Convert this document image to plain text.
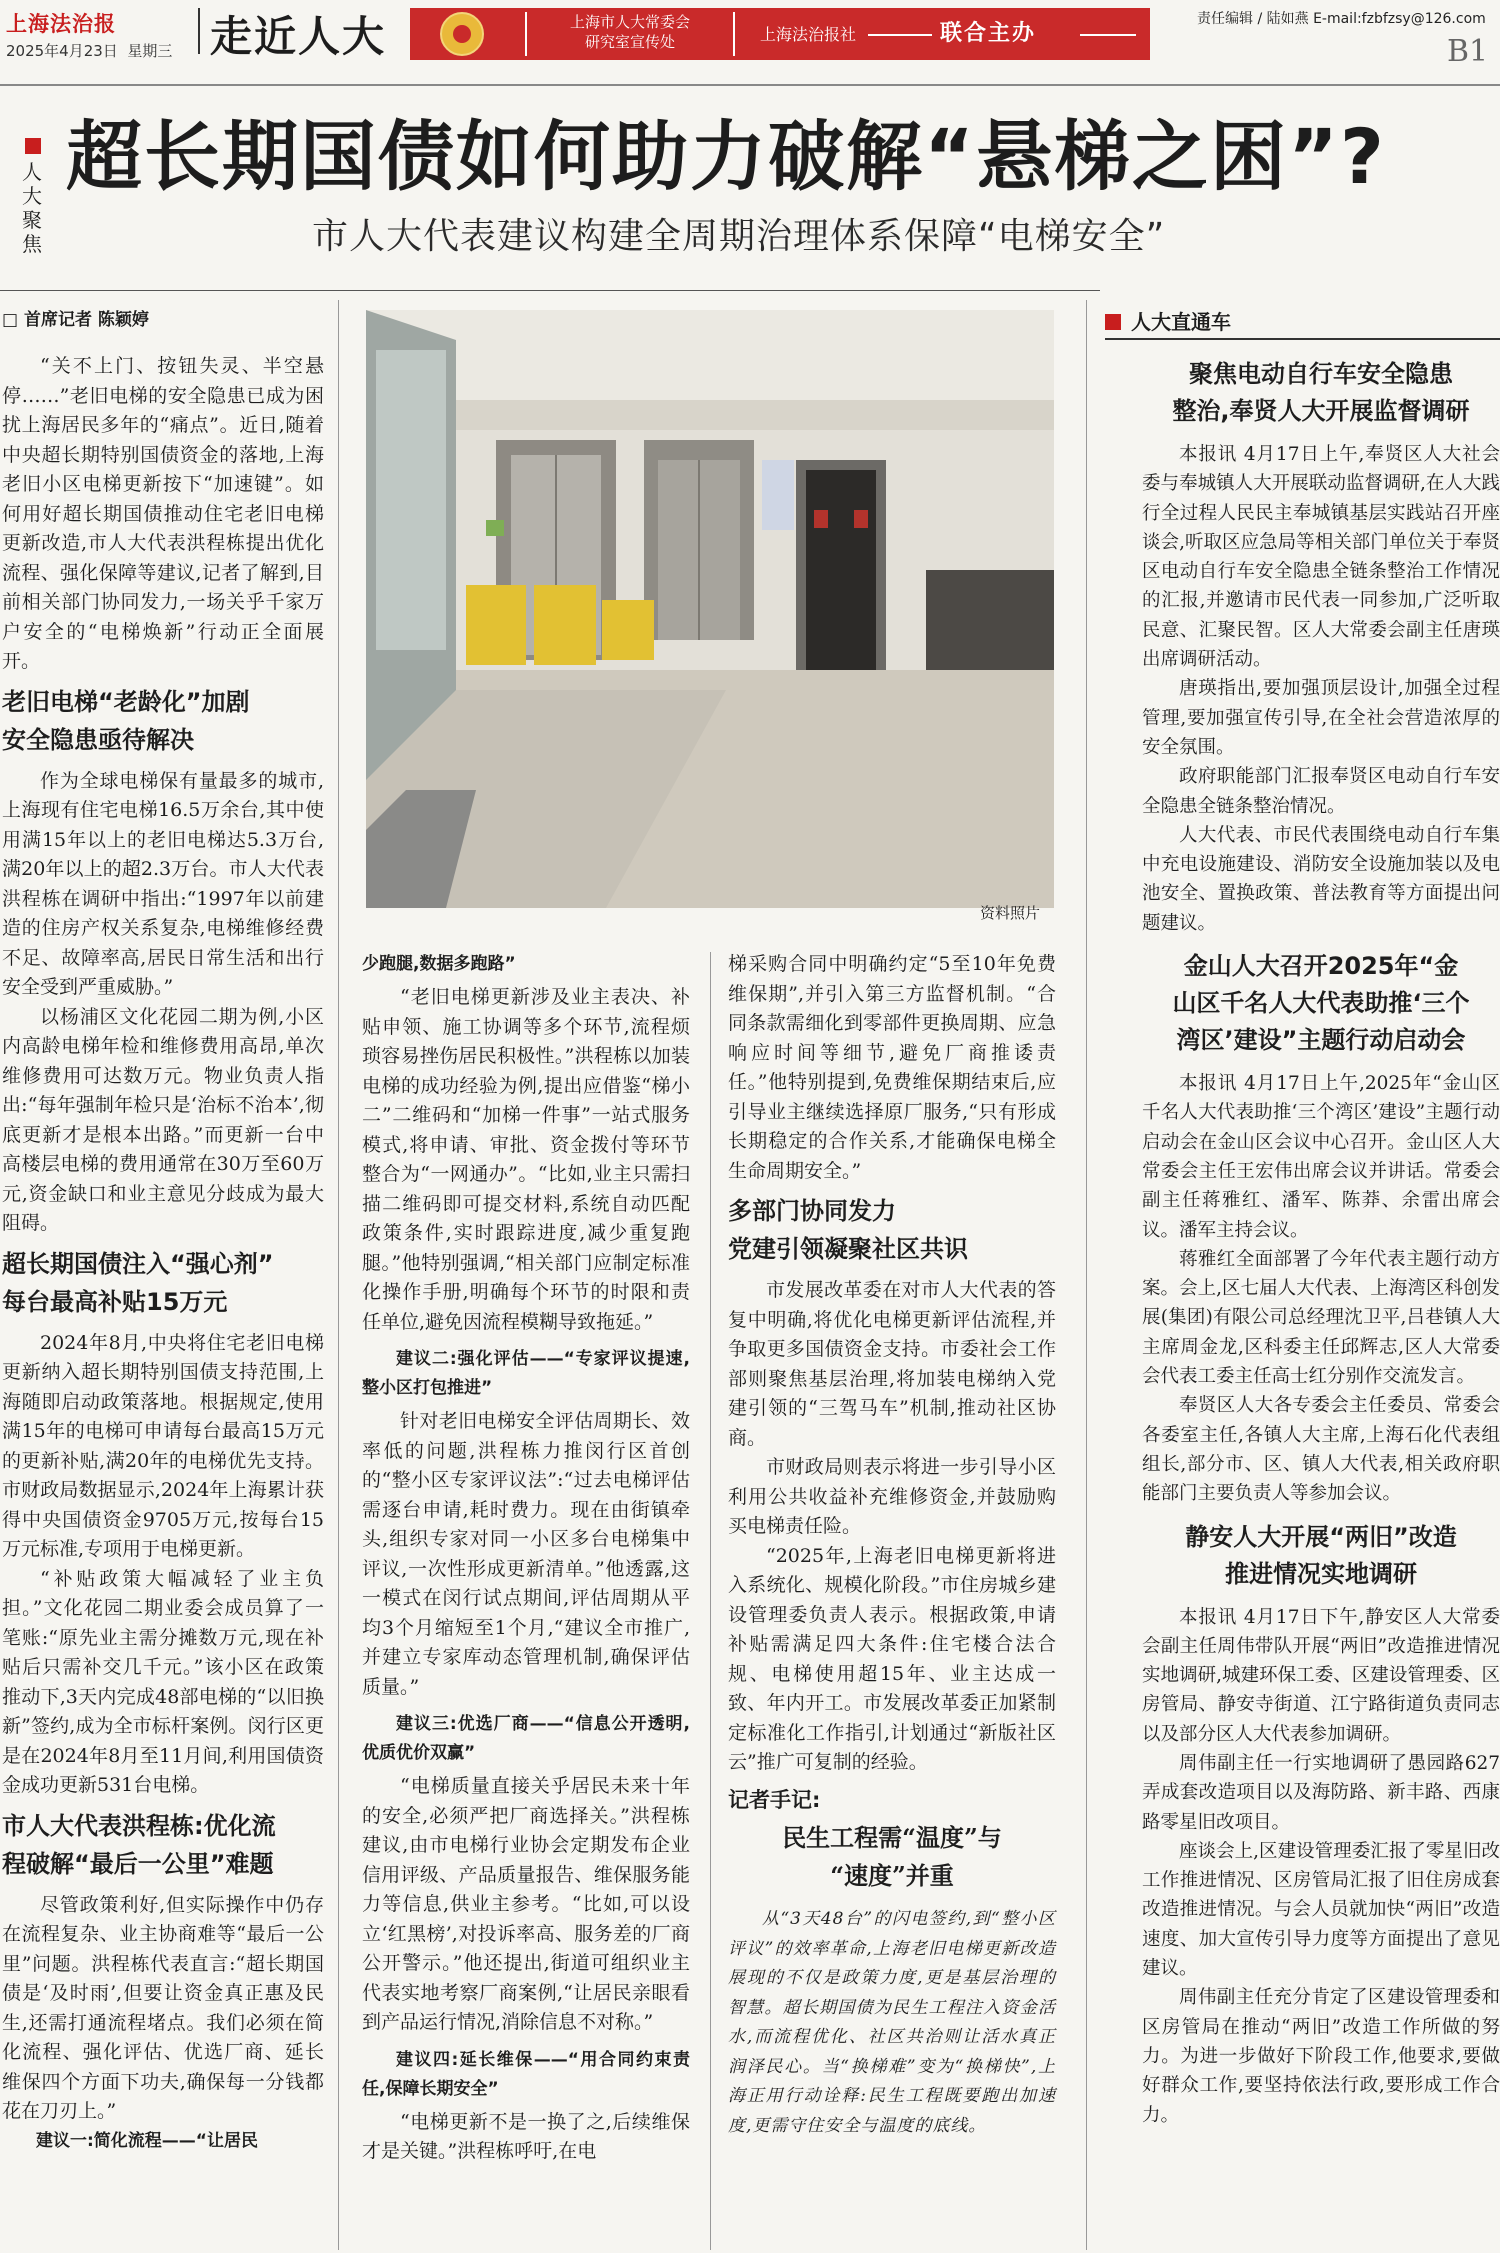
上海法治报
2025年4月23日 星期三 走近人大	上海市人大常委会
研究室宣传处	上海法治报社	联合主办
责任编辑 / 陆如燕 E-mail:fzbfzsy@126.com
B1
人大聚焦
超长期国债如何助力破解“悬梯之困”?
市人大代表建议构建全周期治理体系保障“电梯安全”
□ 首席记者 陈颖婷

“关不上门、按钮失灵、半空悬停……”老旧电梯的安全隐患已成为困扰上海居民多年的“痛点”。近日,随着中央超长期特别国债资金的落地,上海老旧小区电梯更新按下“加速键”。如何用好超长期国债推动住宅老旧电梯更新改造,市人大代表洪程栋提出优化流程、强化保障等建议,记者了解到,目前相关部门协同发力,一场关乎千家万户安全的“电梯焕新”行动正全面展开。

老旧电梯“老龄化”加剧
安全隐患亟待解决

作为全球电梯保有量最多的城市,上海现有住宅电梯16.5万余台,其中使用满15年以上的老旧电梯达5.3万台,满20年以上的超2.3万台。市人大代表洪程栋在调研中指出:“1997年以前建造的住房产权关系复杂,电梯维修经费不足、故障率高,居民日常生活和出行安全受到严重威胁。”

以杨浦区文化花园二期为例,小区内高龄电梯年检和维修费用高昂,单次维修费用可达数万元。物业负责人指出:“每年强制年检只是‘治标不治本’,彻底更新才是根本出路。”而更新一台中高楼层电梯的费用通常在30万至60万元,资金缺口和业主意见分歧成为最大阻碍。

超长期国债注入“强心剂”
每台最高补贴15万元

2024年8月,中央将住宅老旧电梯更新纳入超长期特别国债支持范围,上海随即启动政策落地。根据规定,使用满15年的电梯可申请每台最高15万元的更新补贴,满20年的电梯优先支持。市财政局数据显示,2024年上海累计获得中央国债资金9705万元,按每台15万元标准,专项用于电梯更新。

“补贴政策大幅减轻了业主负担。”文化花园二期业委会成员算了一笔账:“原先业主需分摊数万元,现在补贴后只需补交几千元。”该小区在政策推动下,3天内完成48部电梯的“以旧换新”签约,成为全市标杆案例。闵行区更是在2024年8月至11月间,利用国债资金成功更新531台电梯。

市人大代表洪程栋:优化流
程破解“最后一公里”难题

尽管政策利好,但实际操作中仍存在流程复杂、业主协商难等“最后一公里”问题。洪程栋代表直言:“超长期国债是‘及时雨’,但要让资金真正惠及民生,还需打通流程堵点。我们必须在简化流程、强化评估、优选厂商、延长维保四个方面下功夫,确保每一分钱都花在刀刃上。”

建议一:简化流程——“让居民
资料照片
少跑腿,数据多跑路”

“老旧电梯更新涉及业主表决、补贴申领、施工协调等多个环节,流程烦琐容易挫伤居民积极性。”洪程栋以加装电梯的成功经验为例,提出应借鉴“梯小二”二维码和“加梯一件事”一站式服务模式,将申请、审批、资金拨付等环节整合为“一网通办”。“比如,业主只需扫描二维码即可提交材料,系统自动匹配政策条件,实时跟踪进度,减少重复跑腿。”他特别强调,“相关部门应制定标准化操作手册,明确每个环节的时限和责任单位,避免因流程模糊导致拖延。”

建议二:强化评估——“专家评议提速,整小区打包推进”

针对老旧电梯安全评估周期长、效率低的问题,洪程栋力推闵行区首创的“整小区专家评议法”:“过去电梯评估需逐台申请,耗时费力。现在由街镇牵头,组织专家对同一小区多台电梯集中评议,一次性形成更新清单。”他透露,这一模式在闵行试点期间,评估周期从平均3个月缩短至1个月,“建议全市推广,并建立专家库动态管理机制,确保评估质量。”

建议三:优选厂商——“信息公开透明,优质优价双赢”

“电梯质量直接关乎居民未来十年的安全,必须严把厂商选择关。”洪程栋建议,由市电梯行业协会定期发布企业信用评级、产品质量报告、维保服务能力等信息,供业主参考。“比如,可以设立‘红黑榜’,对投诉率高、服务差的厂商公开警示。”他还提出,街道可组织业主代表实地考察厂商案例,“让居民亲眼看到产品运行情况,消除信息不对称。”

建议四:延长维保——“用合同约束责任,保障长期安全”

“电梯更新不是一换了之,后续维保才是关键。”洪程栋呼吁,在电

梯采购合同中明确约定“5至10年免费维保期”,并引入第三方监督机制。“合同条款需细化到零部件更换周期、应急响应时间等细节,避免厂商推诿责任。”他特别提到,免费维保期结束后,应引导业主继续选择原厂服务,“只有形成长期稳定的合作关系,才能确保电梯全生命周期安全。”

多部门协同发力
党建引领凝聚社区共识

市发展改革委在对市人大代表的答复中明确,将优化电梯更新评估流程,并争取更多国债资金支持。市委社会工作部则聚焦基层治理,将加装电梯纳入党建引领的“三驾马车”机制,推动社区协商。

市财政局则表示将进一步引导小区利用公共收益补充维修资金,并鼓励购买电梯责任险。

“2025年,上海老旧电梯更新将进入系统化、规模化阶段。”市住房城乡建设管理委负责人表示。根据政策,申请补贴需满足四大条件:住宅楼合法合规、电梯使用超15年、业主达成一致、年内开工。市发展改革委正加紧制定标准化工作指引,计划通过“新版社区云”推广可复制的经验。

记者手记:
民生工程需“温度”与
“速度”并重

从“3天48台”的闪电签约,到“整小区评议”的效率革命,上海老旧电梯更新改造展现的不仅是政策力度,更是基层治理的智慧。超长期国债为民生工程注入资金活水,而流程优化、社区共治则让活水真正润泽民心。当“换梯难”变为“换梯快”,上海正用行动诠释:民生工程既要跑出加速度,更需守住安全与温度的底线。

人大直通车
聚焦电动自行车安全隐患
整治,奉贤人大开展监督调研

本报讯 4月17日上午,奉贤区人大社会委与奉城镇人大开展联动监督调研,在人大践行全过程人民民主奉城镇基层实践站召开座谈会,听取区应急局等相关部门单位关于奉贤区电动自行车安全隐患全链条整治工作情况的汇报,并邀请市民代表一同参加,广泛听取民意、汇聚民智。区人大常委会副主任唐瑛出席调研活动。

唐瑛指出,要加强顶层设计,加强全过程管理,要加强宣传引导,在全社会营造浓厚的安全氛围。

政府职能部门汇报奉贤区电动自行车安全隐患全链条整治情况。

人大代表、市民代表围绕电动自行车集中充电设施建设、消防安全设施加装以及电池安全、置换政策、普法教育等方面提出问题建议。

金山人大召开2025年“金
山区千名人大代表助推‘三个
湾区’建设”主题行动启动会

本报讯 4月17日上午,2025年“金山区千名人大代表助推‘三个湾区’建设”主题行动启动会在金山区会议中心召开。金山区人大常委会主任王宏伟出席会议并讲话。常委会副主任蒋雅红、潘军、陈莽、余雷出席会议。潘军主持会议。

蒋雅红全面部署了今年代表主题行动方案。会上,区七届人大代表、上海湾区科创发展(集团)有限公司总经理沈卫平,吕巷镇人大主席周金龙,区科委主任邱辉志,区人大常委会代表工委主任高士红分别作交流发言。

奉贤区人大各专委会主任委员、常委会各委室主任,各镇人大主席,上海石化代表组组长,部分市、区、镇人大代表,相关政府职能部门主要负责人等参加会议。

静安人大开展“两旧”改造
推进情况实地调研

本报讯 4月17日下午,静安区人大常委会副主任周伟带队开展“两旧”改造推进情况实地调研,城建环保工委、区建设管理委、区房管局、静安寺街道、江宁路街道负责同志以及部分区人大代表参加调研。

周伟副主任一行实地调研了愚园路627弄成套改造项目以及海防路、新丰路、西康路零星旧改项目。

座谈会上,区建设管理委汇报了零星旧改工作推进情况、区房管局汇报了旧住房成套改造推进情况。与会人员就加快“两旧”改造速度、加大宣传引导力度等方面提出了意见建议。

周伟副主任充分肯定了区建设管理委和区房管局在推动“两旧”改造工作所做的努力。为进一步做好下阶段工作,他要求,要做好群众工作,要坚持依法行政,要形成工作合力。
